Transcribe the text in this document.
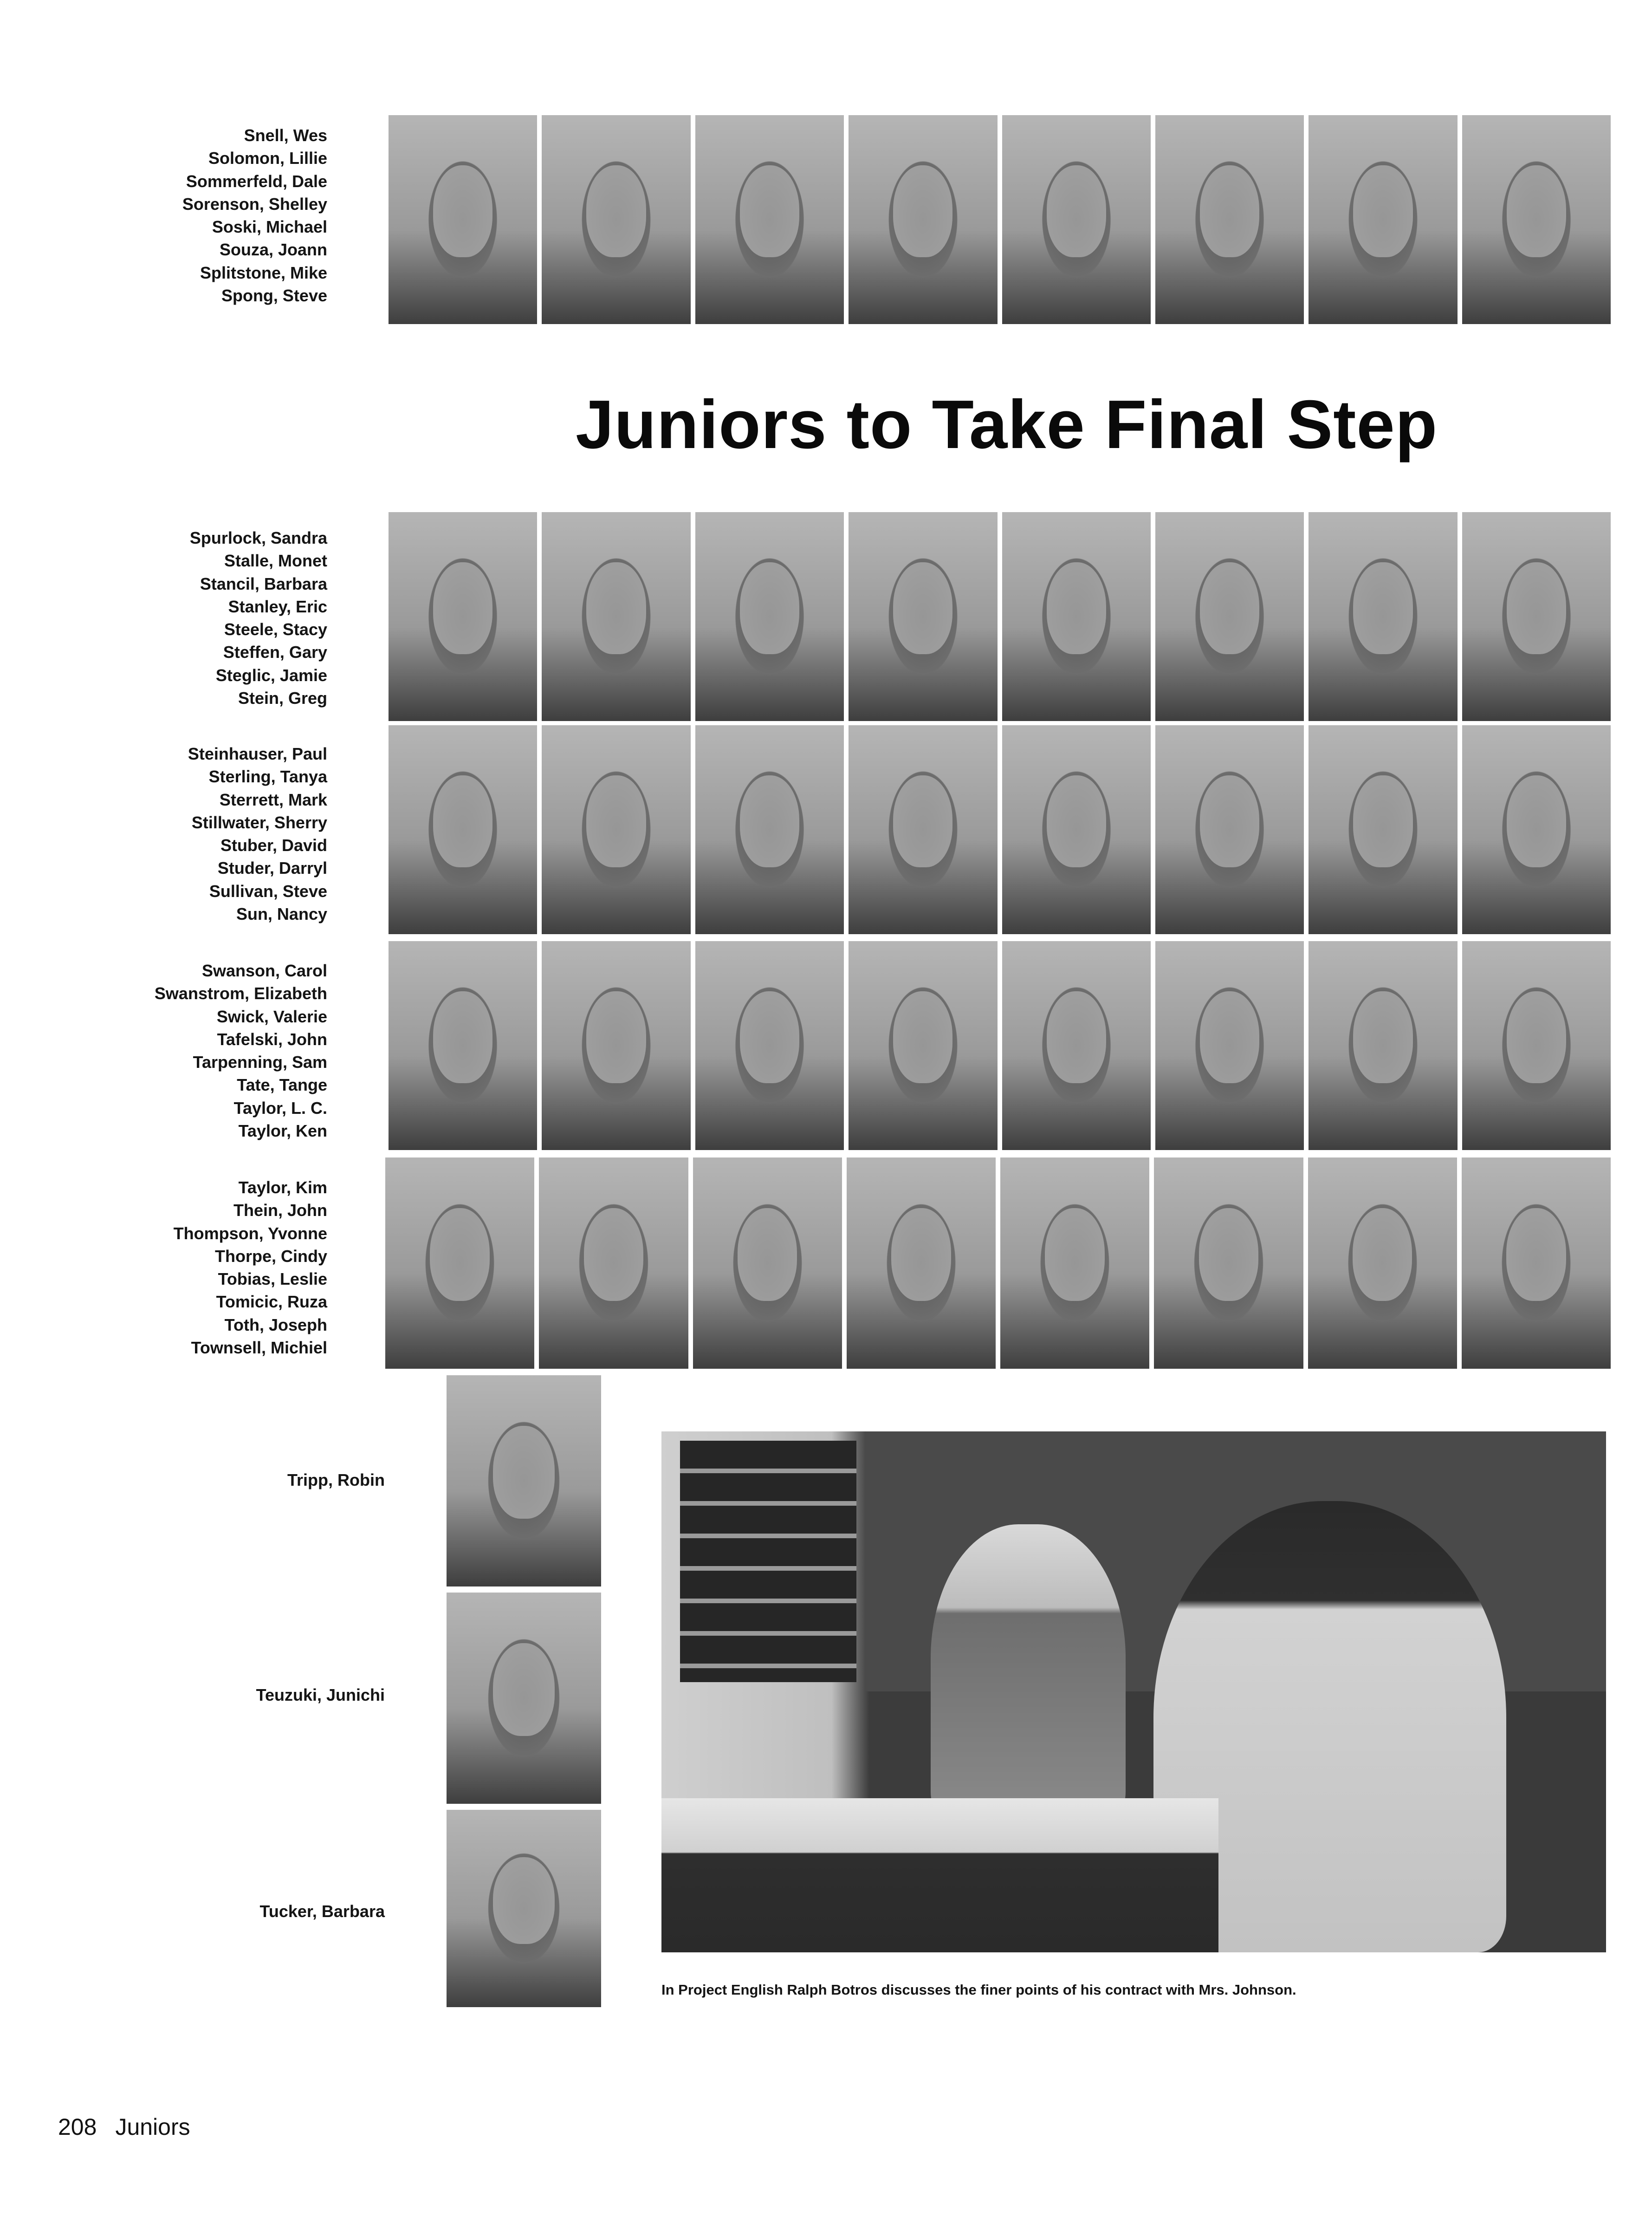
Snell, Wes
Solomon, Lillie
Sommerfeld, Dale
Sorenson, Shelley
Soski, Michael
Souza, Joann
Splitstone, Mike
Spong, Steve
Juniors to Take Final Step
Spurlock, Sandra
Stalle, Monet
Stancil, Barbara
Stanley, Eric
Steele, Stacy
Steffen, Gary
Steglic, Jamie
Stein, Greg
Steinhauser, Paul
Sterling, Tanya
Sterrett, Mark
Stillwater, Sherry
Stuber, David
Studer, Darryl
Sullivan, Steve
Sun, Nancy
Swanson, Carol
Swanstrom, Elizabeth
Swick, Valerie
Tafelski, John
Tarpenning, Sam
Tate, Tange
Taylor, L. C.
Taylor, Ken
Taylor, Kim
Thein, John
Thompson, Yvonne
Thorpe, Cindy
Tobias, Leslie
Tomicic, Ruza
Toth, Joseph
Townsell, Michiel
Tripp, Robin
Teuzuki, Junichi
Tucker, Barbara

In Project English Ralph Botros discusses the finer points of his contract with Mrs. Johnson.

208 Juniors
